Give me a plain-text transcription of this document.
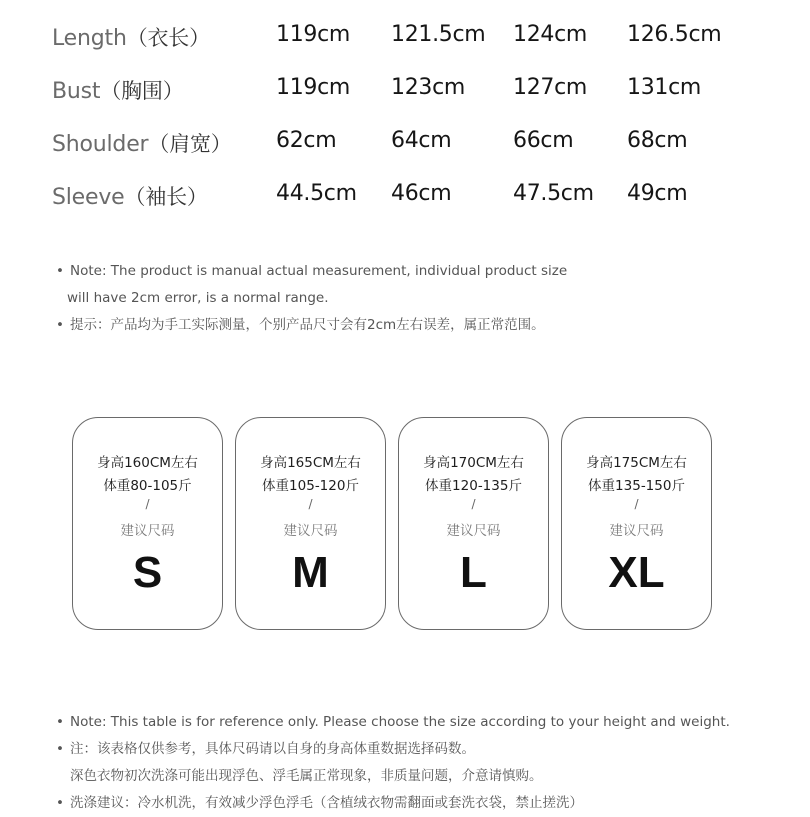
Length（衣长）	119cm 121.5cm 124cm 126.5cm
Bust（胸围）	119cm 123cm 127cm 131cm
Shoulder（肩宽） 62cm 64cm	66cm 68cm
Sleeve（袖长）	44.5cm 46cm	47.5cm 49cm
• Note: The product is manual actual measurement, individual product size
will have 2cm error, is a normal range.
• 提示：产品均为手工实际测量，个别产品尺寸会有2cm左右误差，属正常范围。
身高160CM左右
体重80-105斤
/
建议尺码
S
身高165CM左右
体重105-120斤
/
建议尺码
M
身高170CM左右
体重120-135斤
/
建议尺码
L
身高175CM左右
体重135-150斤
/
建议尺码
XL
• Note: This table is for reference only. Please choose the size according to your height and weight.
• 注：该表格仅供参考，具体尺码请以自身的身高体重数据选择码数。
深色衣物初次洗涤可能出现浮色、浮毛属正常现象，非质量问题，介意请慎购。
• 洗涤建议：冷水机洗，有效减少浮色浮毛（含植绒衣物需翻面或套洗衣袋，禁止搓洗）
